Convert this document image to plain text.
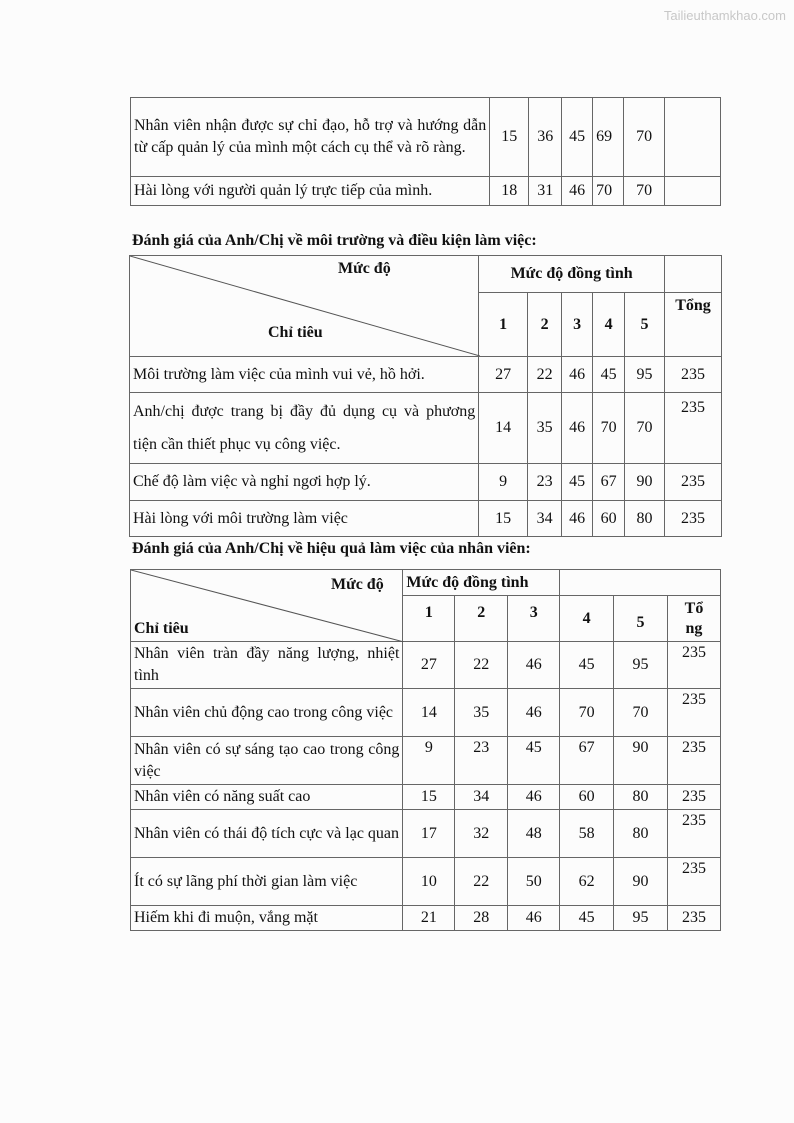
Tailieuthamkhao.com
Nhân viên nhận được sự chỉ đạo, hỗ trợ và hướng dẫn từ cấp quản lý của mình một cách cụ thể và rõ ràng.	15	36	45	69	70	
Hài lòng với người quản lý trực tiếp của mình.	18	31	46	70	70	
Đánh giá của Anh/Chị về môi trường và điều kiện làm việc:
Mức độ
Chỉ tiêu	Mức độ đồng tình					
	1	2	3	4	5	Tổng
Môi trường làm việc của mình vui vẻ, hồ hởi.	27	22	46	45	95	235
Anh/chị được trang bị đầy đủ dụng cụ và phương tiện cần thiết phục vụ công việc.	14	35	46	70	70	235
Chế độ làm việc và nghỉ ngơi hợp lý.	9	23	45	67	90	235
Hài lòng với môi trường làm việc	15	34	46	60	80	235
Đánh giá của Anh/Chị về hiệu quả làm việc của nhân viên:
Mức độ
Chỉ tiêu	Mức độ đồng tình					
	1	2	3	4	5	Tổng
Nhân viên tràn đầy năng lượng, nhiệt tình	27	22	46	45	95	235
Nhân viên chủ động cao trong công việc	14	35	46	70	70	235
Nhân viên có sự sáng tạo cao trong công việc	9	23	45	67	90	235
Nhân viên có năng suất cao	15	34	46	60	80	235
Nhân viên có thái độ tích cực và lạc quan	17	32	48	58	80	235
Ít có sự lãng phí thời gian làm việc	10	22	50	62	90	235
Hiếm khi đi muộn, vắng mặt	21	28	46	45	95	235
